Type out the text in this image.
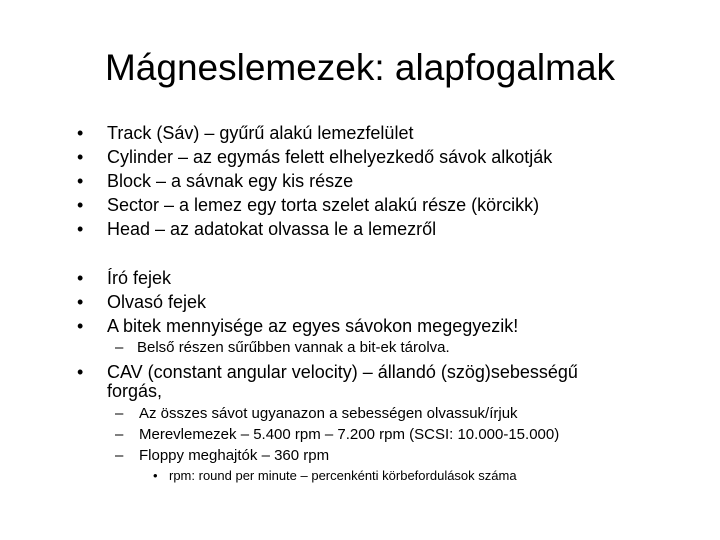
Mágneslemezek: alapfogalmak
• Track (Sáv) – gyűrű alakú lemezfelület
• Cylinder – az egymás felett elhelyezkedő sávok alkotják
• Block – a sávnak egy kis része
• Sector – a lemez egy torta szelet alakú része (körcikk)
• Head – az adatokat olvassa le a lemezről
• Író fejek
• Olvasó fejek
• A bitek mennyisége az egyes sávokon megegyezik!
– Belső részen sűrűbben vannak a bit-ek tárolva.
• CAV (constant angular velocity) – állandó (szög)sebességű
forgás,
– Az összes sávot ugyanazon a sebességen olvassuk/írjuk
– Merevlemezek – 5.400 rpm – 7.200 rpm (SCSI: 10.000-15.000)
– Floppy meghajtók – 360 rpm
• rpm: round per minute – percenkénti körbefordulások száma
